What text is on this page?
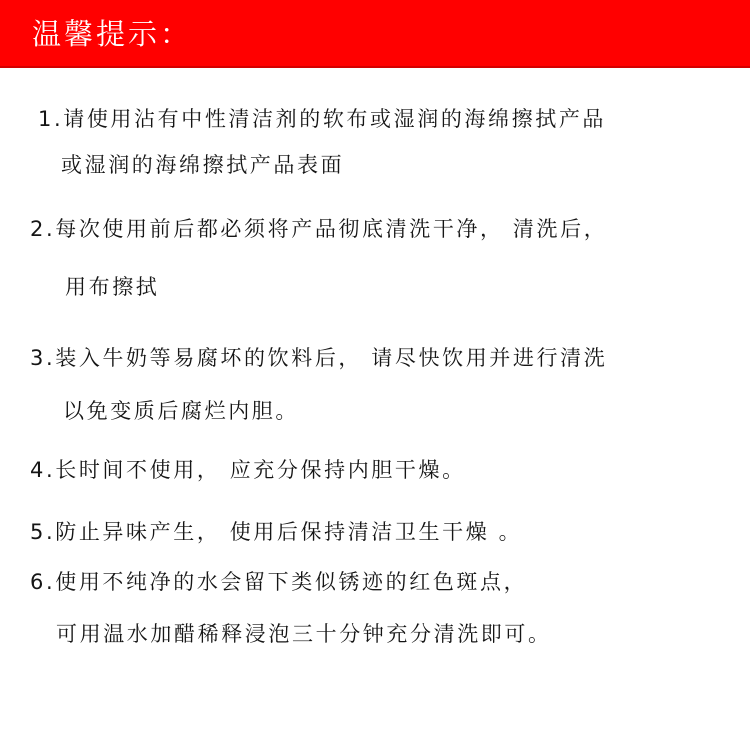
温馨提示：
1.请使用沾有中性清洁剂的软布或湿润的海绵擦拭产品
或湿润的海绵擦拭产品表面
2.每次使用前后都必须将产品彻底清洗干净， 清洗后，
用布擦拭
3.装入牛奶等易腐坏的饮料后， 请尽快饮用并进行清洗
以免变质后腐烂内胆。
4.长时间不使用， 应充分保持内胆干燥。
5.防止异味产生， 使用后保持清洁卫生干燥 。
6.使用不纯净的水会留下类似锈迹的红色斑点，
可用温水加醋稀释浸泡三十分钟充分清洗即可。
